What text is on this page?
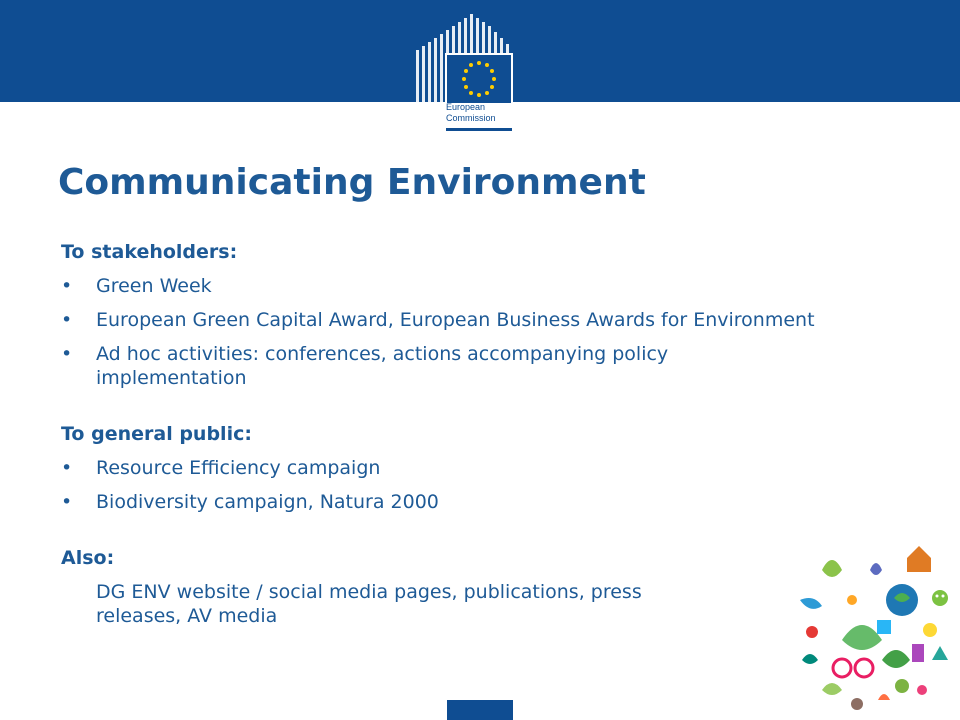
European
Commission
Communicating Environment
To stakeholders:
• Green Week
• European Green Capital Award, European Business Awards for Environment
• Ad hoc activities: conferences, actions accompanying policy implementation
To general public:
• Resource Efficiency campaign
• Biodiversity campaign, Natura 2000
Also:
DG ENV website / social media pages, publications, press releases, AV media
